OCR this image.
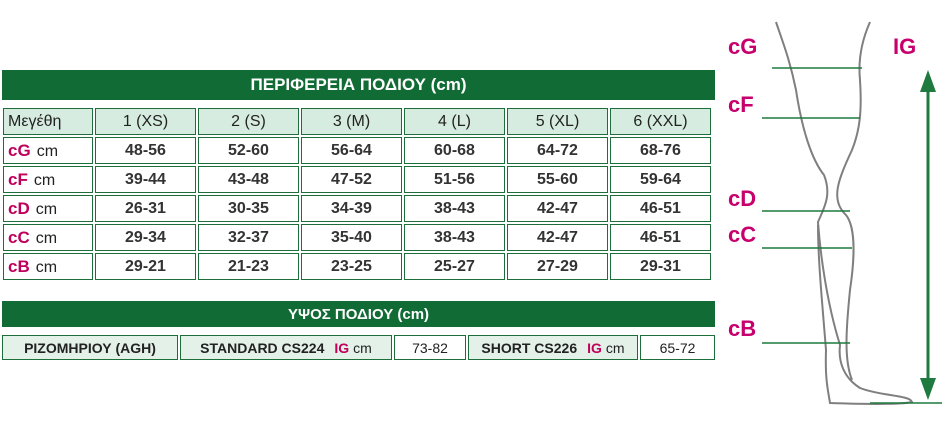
ΠΕΡΙΦΕΡΕΙΑ ΠΟΔΙΟΥ (cm)
Μεγέθη	1 (XS)	2 (S)	3 (M)	4 (L)	5 (XL)	6 (XXL)
cG cm	48-56	52-60	56-64	60-68	64-72	68-76
cF cm	39-44	43-48	47-52	51-56	55-60	59-64
cD cm	26-31	30-35	34-39	38-43	42-47	46-51
cC cm	29-34	32-37	35-40	38-43	42-47	46-51
cB cm	29-21	21-23	23-25	25-27	27-29	29-31
ΥΨΟΣ ΠΟΔΙΟΥ (cm)
ΡΙΖΟΜΗΡΙΟΥ (AGH)	STANDARD CS224 IG cm	73-82	SHORT CS226 IG cm	65-72
cG
cF
cD
cC
cB
IG
